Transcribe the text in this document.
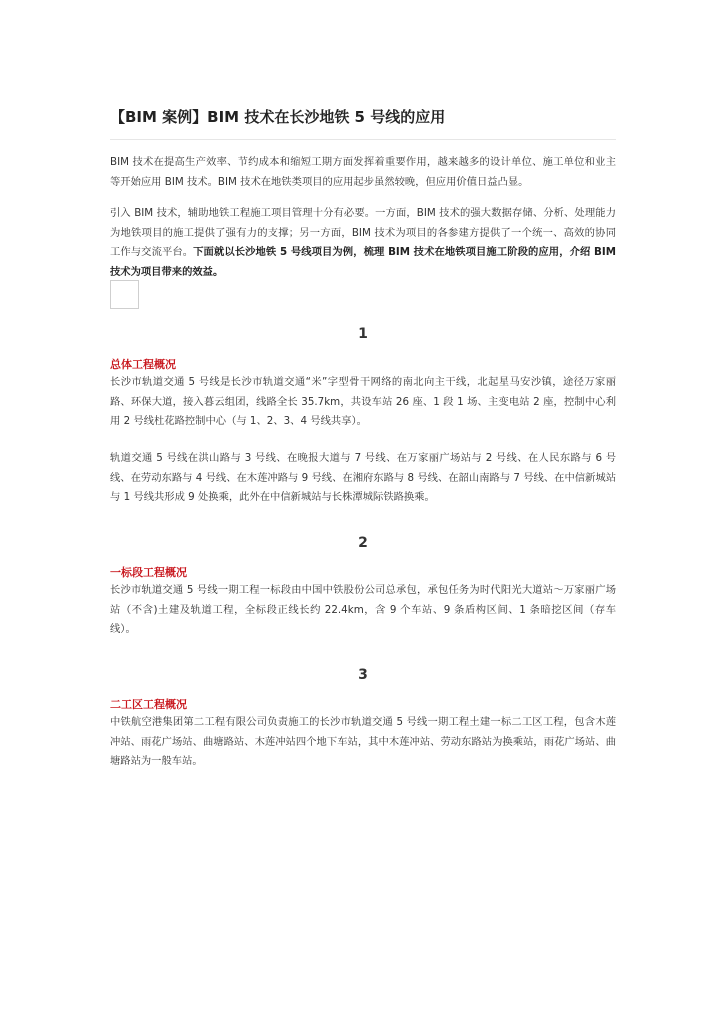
【BIM 案例】BIM 技术在长沙地铁 5 号线的应用
BIM 技术在提高生产效率、节约成本和缩短工期方面发挥着重要作用，越来越多的设计单位、施工单位和业主等开始应用 BIM 技术。BIM 技术在地铁类项目的应用起步虽然较晚，但应用价值日益凸显。
引入 BIM 技术，辅助地铁工程施工项目管理十分有必要。一方面，BIM 技术的强大数据存储、分析、处理能力为地铁项目的施工提供了强有力的支撑；另一方面，BIM 技术为项目的各参建方提供了一个统一、高效的协同工作与交流平台。下面就以长沙地铁 5 号线项目为例，梳理 BIM 技术在地铁项目施工阶段的应用，介绍 BIM 技术为项目带来的效益。
1
总体工程概况
长沙市轨道交通 5 号线是长沙市轨道交通“米”字型骨干网络的南北向主干线，北起星马安沙镇，途径万家丽路、环保大道，接入暮云组团，线路全长 35.7km，共设车站 26 座、1 段 1 场、主变电站 2 座，控制中心利用 2 号线杜花路控制中心（与 1、2、3、4 号线共享）。
轨道交通 5 号线在洪山路与 3 号线、在晚报大道与 7 号线、在万家丽广场站与 2 号线、在人民东路与 6 号线、在劳动东路与 4 号线、在木莲冲路与 9 号线、在湘府东路与 8 号线、在韶山南路与 7 号线、在中信新城站与 1 号线共形成 9 处换乘，此外在中信新城站与长株潭城际铁路换乘。
2
一标段工程概况
长沙市轨道交通 5 号线一期工程一标段由中国中铁股份公司总承包，承包任务为时代阳光大道站～万家丽广场站（不含)土建及轨道工程，全标段正线长约 22.4km，含 9 个车站、9 条盾构区间、1 条暗挖区间（存车线）。
3
二工区工程概况
中铁航空港集团第二工程有限公司负责施工的长沙市轨道交通 5 号线一期工程土建一标二工区工程，包含木莲冲站、雨花广场站、曲塘路站、木莲冲站四个地下车站，其中木莲冲站、劳动东路站为换乘站，雨花广场站、曲塘路站为一般车站。
